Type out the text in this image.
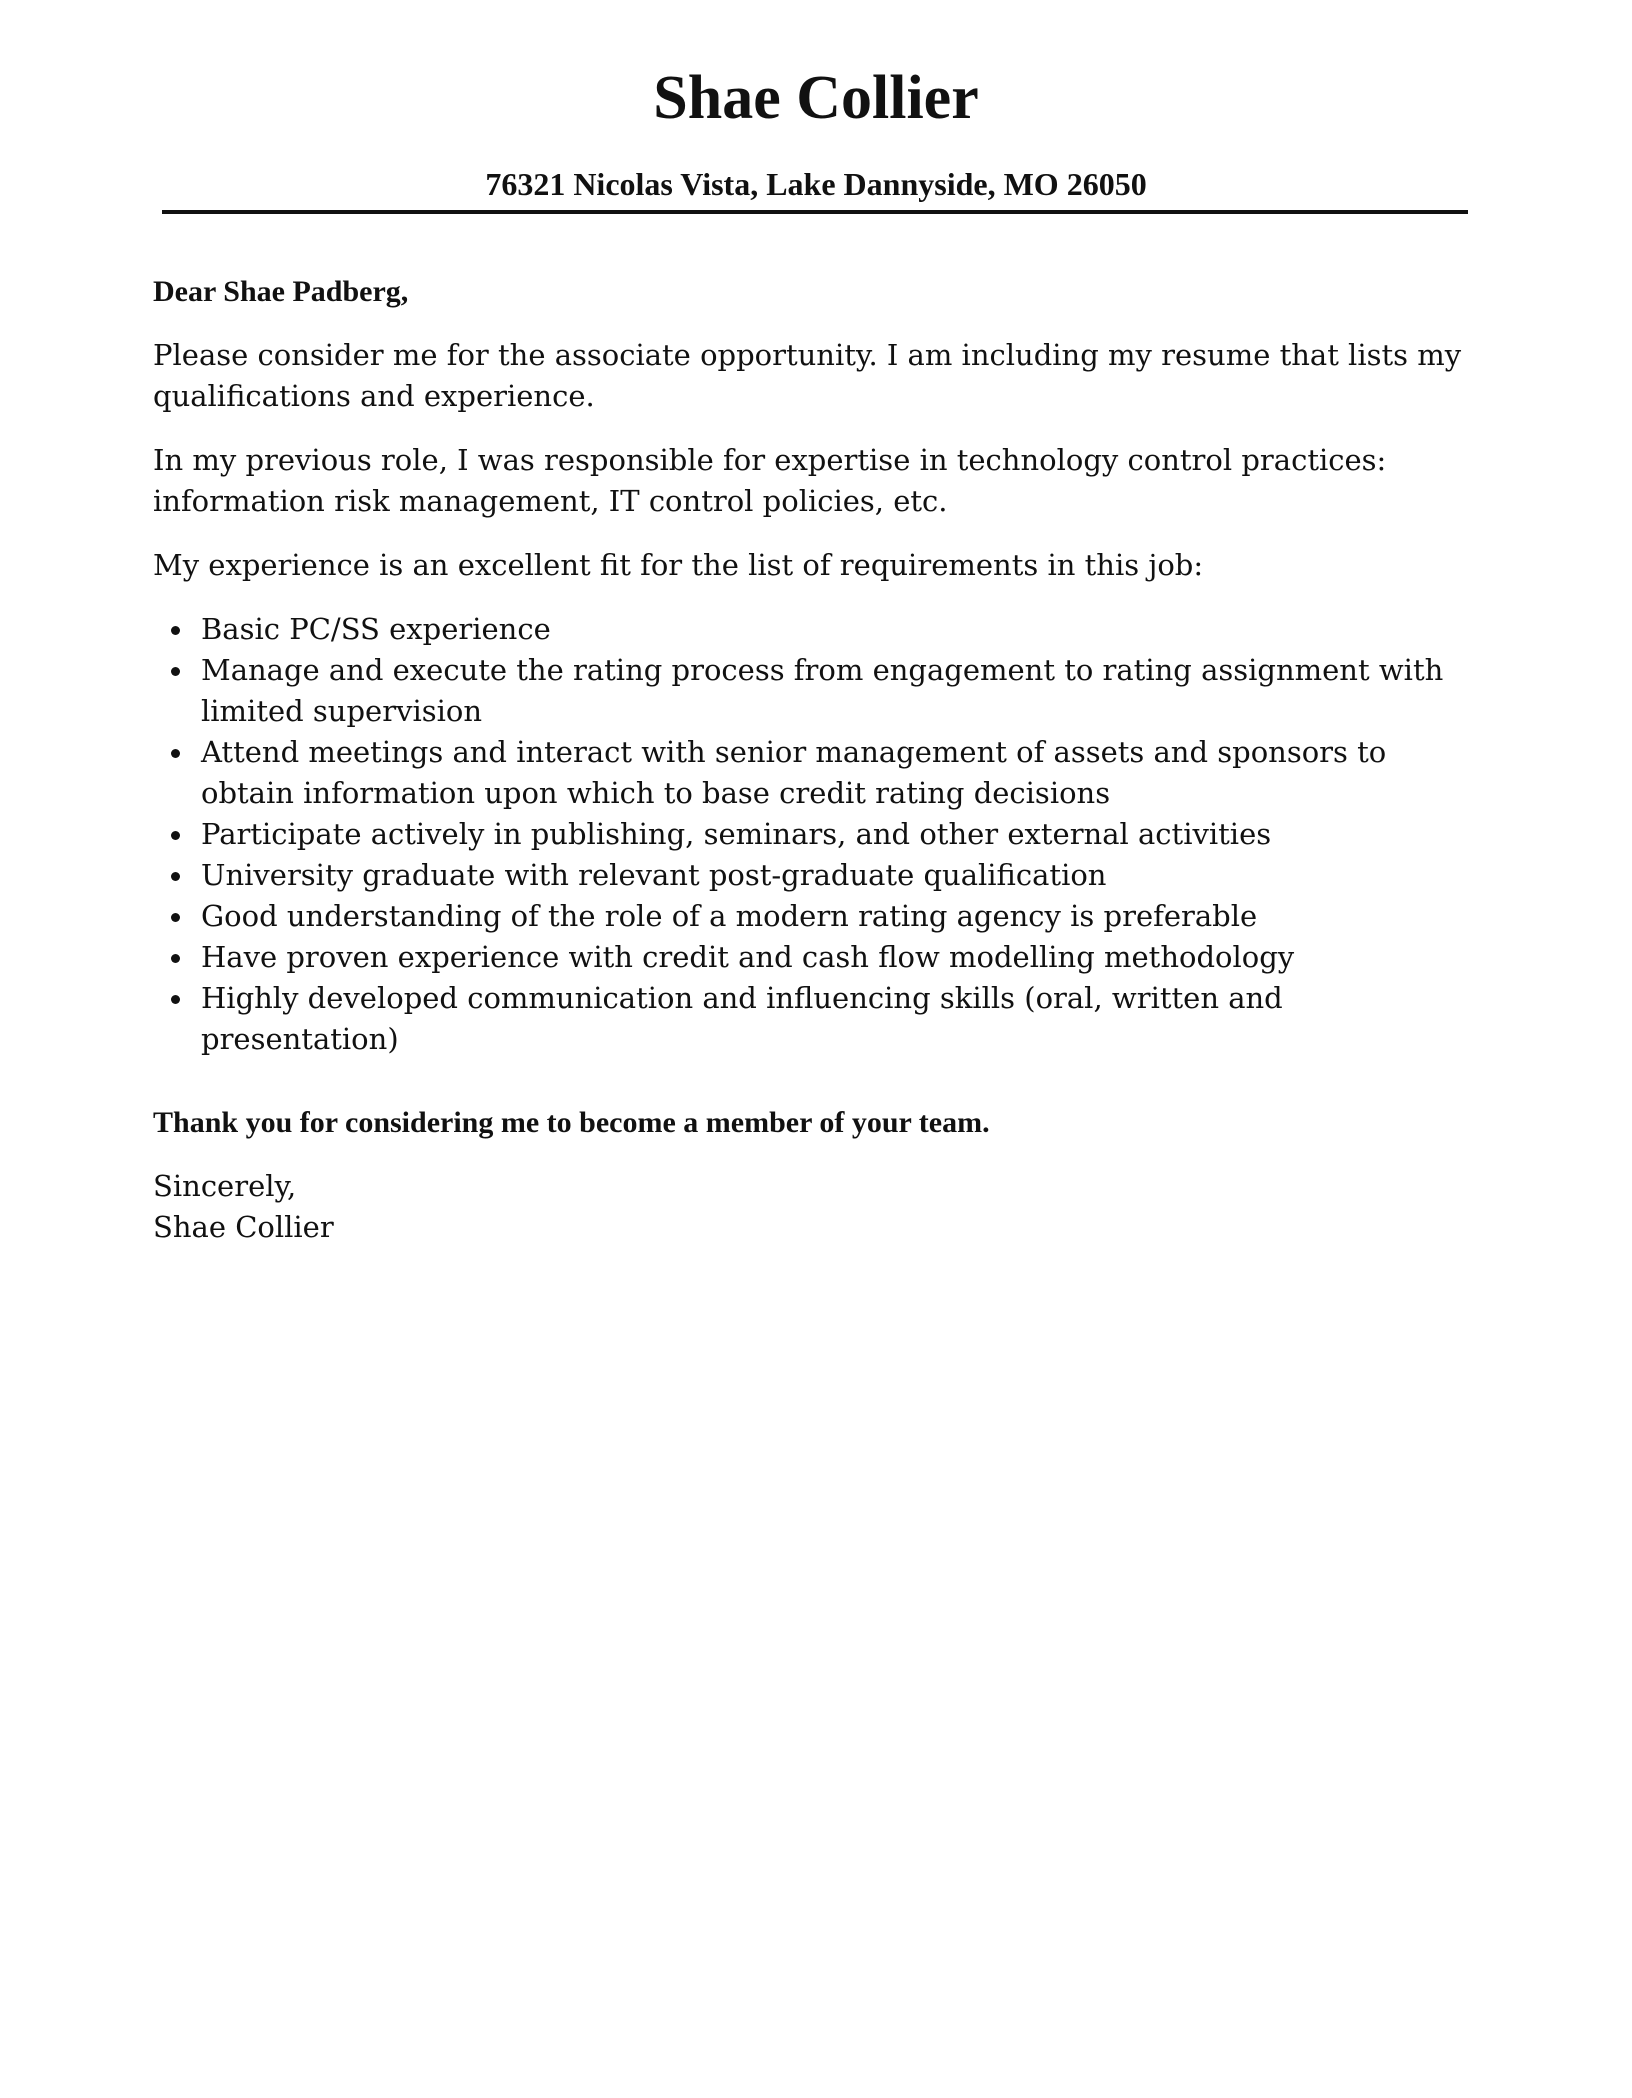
Shae Collier
76321 Nicolas Vista, Lake Dannyside, MO 26050

Dear Shae Padberg,

Please consider me for the associate opportunity. I am including my resume that lists my qualifications and experience.

In my previous role, I was responsible for expertise in technology control practices: information risk management, IT control policies, etc.

My experience is an excellent fit for the list of requirements in this job:

Basic PC/SS experience
Manage and execute the rating process from engagement to rating assignment with limited supervision
Attend meetings and interact with senior management of assets and sponsors to obtain information upon which to base credit rating decisions
Participate actively in publishing, seminars, and other external activities
University graduate with relevant post-graduate qualification
Good understanding of the role of a modern rating agency is preferable
Have proven experience with credit and cash flow modelling methodology
Highly developed communication and influencing skills (oral, written and presentation)

Thank you for considering me to become a member of your team.

Sincerely,
Shae Collier
